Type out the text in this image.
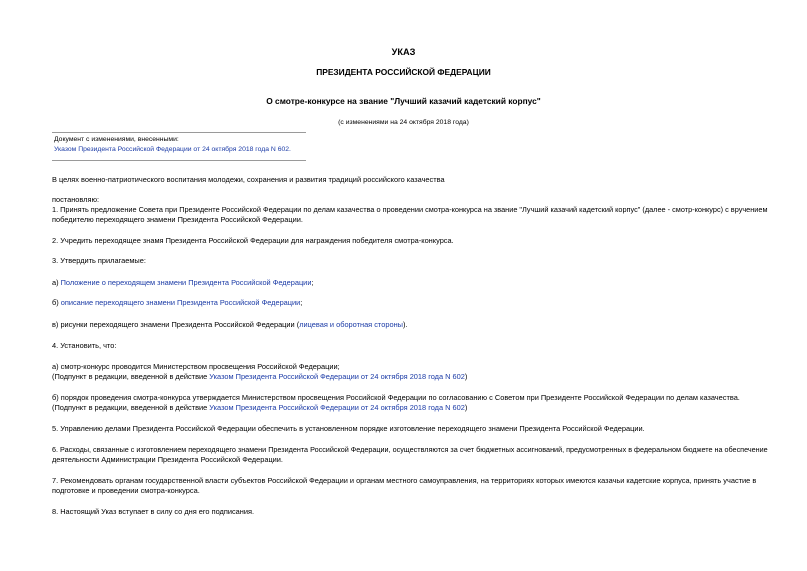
УКАЗ
ПРЕЗИДЕНТА РОССИЙСКОЙ ФЕДЕРАЦИИ
О смотре-конкурсе на звание "Лучший казачий кадетский корпус"
(с изменениями на 24 октября 2018 года)
Документ с изменениями, внесенными:
Указом Президента Российской Федерации от 24 октября 2018 года N 602.
В целях военно-патриотического воспитания молодежи, сохранения и развития традиций российского казачества
постановляю:
1. Принять предложение Совета при Президенте Российской Федерации по делам казачества о проведении смотра-конкурса на звание "Лучший казачий кадетский корпус" (далее - смотр-конкурс) с вручением
победителю переходящего знамени Президента Российской Федерации.
2. Учредить переходящее знамя Президента Российской Федерации для награждения победителя смотра-конкурса.
3. Утвердить прилагаемые:
а) Положение о переходящем знамени Президента Российской Федерации;
б) описание переходящего знамени Президента Российской Федерации;
в) рисунки переходящего знамени Президента Российской Федерации (лицевая и оборотная стороны).
4. Установить, что:
а) смотр-конкурс проводится Министерством просвещения Российской Федерации;
(Подпункт в редакции, введенной в действие Указом Президента Российской Федерации от 24 октября 2018 года N 602)
б) порядок проведения смотра-конкурса утверждается Министерством просвещения Российской Федерации по согласованию с Советом при Президенте Российской Федерации по делам казачества.
(Подпункт в редакции, введенной в действие Указом Президента Российской Федерации от 24 октября 2018 года N 602)
5. Управлению делами Президента Российской Федерации обеспечить в установленном порядке изготовление переходящего знамени Президента Российской Федерации.
6. Расходы, связанные с изготовлением переходящего знамени Президента Российской Федерации, осуществляются за счет бюджетных ассигнований, предусмотренных в федеральном бюджете на обеспечение
деятельности Администрации Президента Российской Федерации.
7. Рекомендовать органам государственной власти субъектов Российской Федерации и органам местного самоуправления, на территориях которых имеются казачьи кадетские корпуса, принять участие в
подготовке и проведении смотра-конкурса.
8. Настоящий Указ вступает в силу со дня его подписания.
